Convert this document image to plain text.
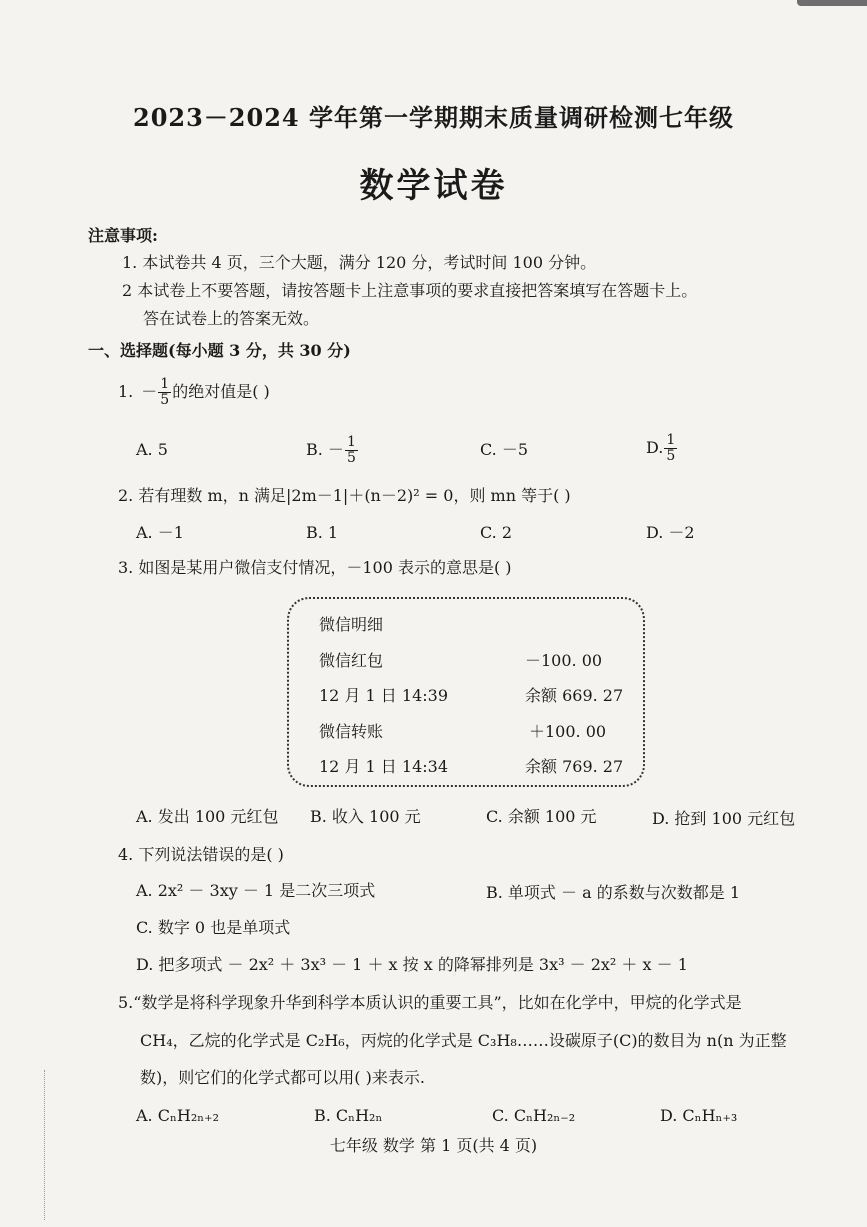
2023－2024 学年第一学期期末质量调研检测七年级
数学试卷
注意事项:
1. 本试卷共 4 页，三个大题，满分 120 分，考试时间 100 分钟。
2 本试卷上不要答题，请按答题卡上注意事项的要求直接把答案填写在答题卡上。
答在试卷上的答案无效。
一、选择题(每小题 3 分，共 30 分)
1. － $\frac{1}{5}$ 的绝对值是( )
A. 5	B. － $\frac{1}{5}$	C. －5	D. $\frac{1}{5}$
2. 若有理数 m，n 满足|2m－1|＋(n－2)² = 0，则 mn 等于( )
A. －1	B. 1	C. 2	D. －2
3. 如图是某用户微信支付情况，－100 表示的意思是( )
微信明细
微信红包	－100. 00
12 月 1 日 14:39	余额 669. 27
微信转账	＋100. 00
12 月 1 日 14:34	余额 769. 27
A. 发出 100 元红包 B. 收入 100 元	C. 余额 100 元	D. 抢到 100 元红包
4. 下列说法错误的是( )
A. 2x² － 3xy － 1 是二次三项式	B. 单项式 － a 的系数与次数都是 1
C. 数字 0 也是单项式
D. 把多项式 － 2x² ＋ 3x³ － 1 ＋ x 按 x 的降幂排列是 3x³ － 2x² ＋ x － 1
5.“数学是将科学现象升华到科学本质认识的重要工具”，比如在化学中，甲烷的化学式是
CH₄，乙烷的化学式是 C₂H₆，丙烷的化学式是 C₃H₈……设碳原子(C)的数目为 n(n 为正整
数)，则它们的化学式都可以用( )来表示.
A. CₙH₂ₙ₊₂	B. CₙH₂ₙ	C. CₙH₂ₙ₋₂	D. CₙHₙ₊₃
七年级 数学 第 1 页(共 4 页)
